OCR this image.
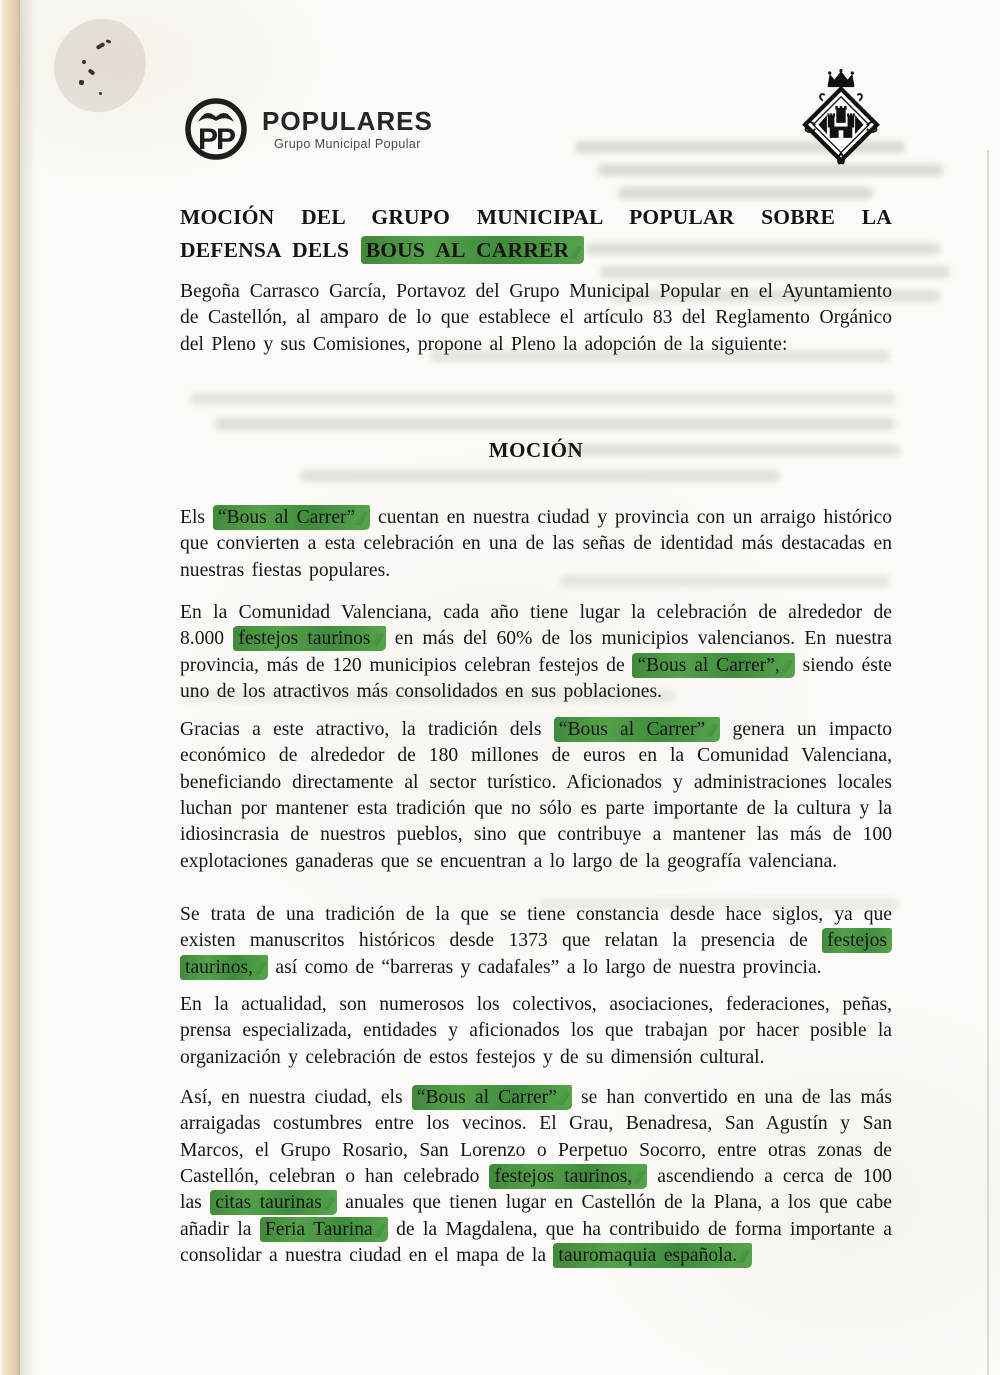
PP
POPULARES
Grupo Municipal Popular
MOCIÓN DEL GRUPO MUNICIPAL POPULAR SOBRE LA DEFENSA DELS BOUS AL CARRER
MOCIÓN

Begoña Carrasco García, Portavoz del Grupo Municipal Popular en el Ayuntamiento de Castellón, al amparo de lo que establece el artículo 83 del Reglamento Orgánico del Pleno y sus Comisiones, propone al Pleno la adopción de la siguiente:

Els “Bous al Carrer” cuentan en nuestra ciudad y provincia con un arraigo histórico que convierten a esta celebración en una de las señas de identidad más destacadas en nuestras fiestas populares.

En la Comunidad Valenciana, cada año tiene lugar la celebración de alrededor de 8.000 festejos taurinos en más del 60% de los municipios valencianos. En nuestra provincia, más de 120 municipios celebran festejos de “Bous al Carrer”, siendo éste uno de los atractivos más consolidados en sus poblaciones.

Gracias a este atractivo, la tradición dels “Bous al Carrer” genera un impacto económico de alrededor de 180 millones de euros en la Comunidad Valenciana, beneficiando directamente al sector turístico. Aficionados y administraciones locales luchan por mantener esta tradición que no sólo es parte importante de la cultura y la idiosincrasia de nuestros pueblos, sino que contribuye a mantener las más de 100 explotaciones ganaderas que se encuentran a lo largo de la geografía valenciana.

Se trata de una tradición de la que se tiene constancia desde hace siglos, ya que existen manuscritos históricos desde 1373 que relatan la presencia de festejos taurinos, así como de “barreras y cadafales” a lo largo de nuestra provincia.

En la actualidad, son numerosos los colectivos, asociaciones, federaciones, peñas, prensa especializada, entidades y aficionados los que trabajan por hacer posible la organización y celebración de estos festejos y de su dimensión cultural.

Así, en nuestra ciudad, els “Bous al Carrer” se han convertido en una de las más arraigadas costumbres entre los vecinos. El Grau, Benadresa, San Agustín y San Marcos, el Grupo Rosario, San Lorenzo o Perpetuo Socorro, entre otras zonas de Castellón, celebran o han celebrado festejos taurinos, ascendiendo a cerca de 100 las citas taurinas anuales que tienen lugar en Castellón de la Plana, a los que cabe añadir la Feria Taurina de la Magdalena, que ha contribuido de forma importante a consolidar a nuestra ciudad en el mapa de la tauromaquia española.
